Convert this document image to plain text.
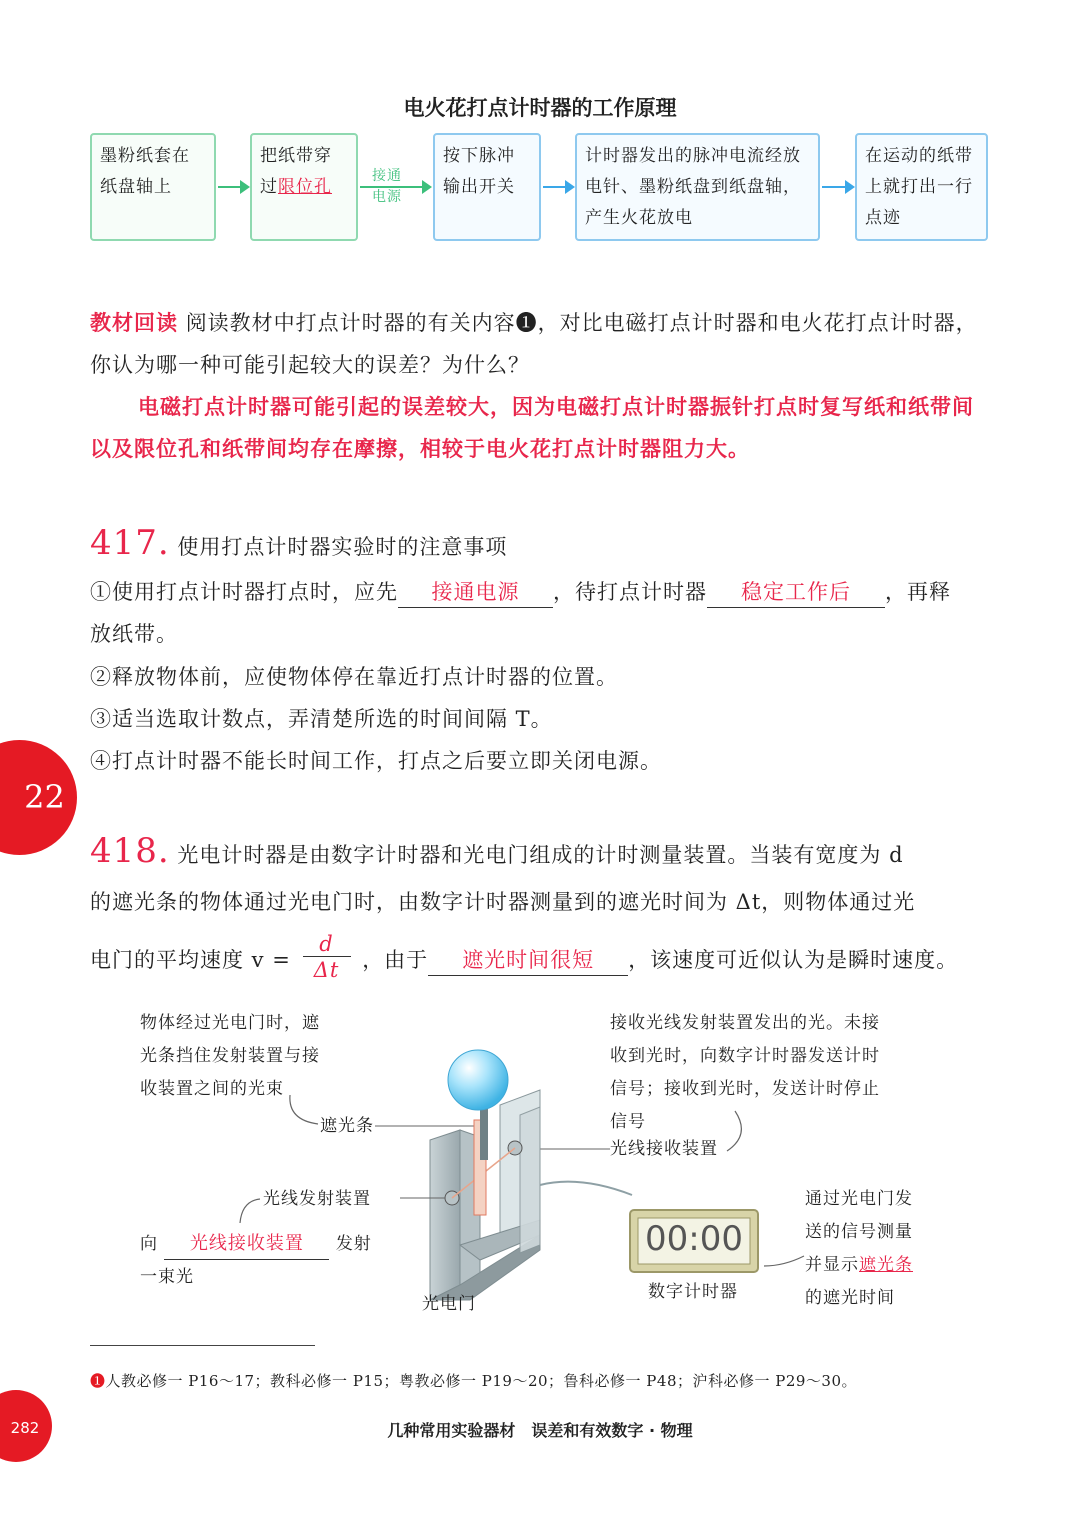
电火花打点计时器的工作原理
墨粉纸套在纸盘轴上
把纸带穿过限位孔
接通电源
按下脉冲输出开关
计时器发出的脉冲电流经放电针、墨粉纸盘到纸盘轴，产生火花放电
在运动的纸带上就打出一行点迹
教材回读 阅读教材中打点计时器的有关内容❶，对比电磁打点计时器和电火花打点计时器，你认为哪一种可能引起较大的误差？为什么？
电磁打点计时器可能引起的误差较大，因为电磁打点计时器振针打点时复写纸和纸带间以及限位孔和纸带间均存在摩擦，相较于电火花打点计时器阻力大。
417. 使用打点计时器实验时的注意事项
①使用打点计时器打点时，应先 接通电源 ，待打点计时器 稳定工作后 ，再释
放纸带。
②释放物体前，应使物体停在靠近打点计时器的位置。
③适当选取计数点，弄清楚所选的时间间隔 T。
④打点计时器不能长时间工作，打点之后要立即关闭电源。
22
418. 光电计时器是由数字计时器和光电门组成的计时测量装置。当装有宽度为 d
的遮光条的物体通过光电门时，由数字计时器测量到的遮光时间为 Δt，则物体通过光
电门的平均速度 $v = \frac{d}{\Delta t}$ ，由于 遮光时间很短 ，该速度可近似认为是瞬时速度。
物体经过光电门时，遮
光条挡住发射装置与接
收装置之间的光束
遮光条
接收光线发射装置发出的光。未接
收到光时，向数字计时器发送计时
信号；接收到光时，发送计时停止
信号
光线接收装置
00:00
光线发射装置
向 光线接收装置 发射
一束光
光电门
数字计时器
通过光电门发
送的信号测量
并显示遮光条
的遮光时间
❶人教必修一 P16～17；教科必修一 P15；粤教必修一 P19～20；鲁科必修一 P48；沪科必修一 P29～30。
282	几种常用实验器材　误差和有效数字 · 物理
